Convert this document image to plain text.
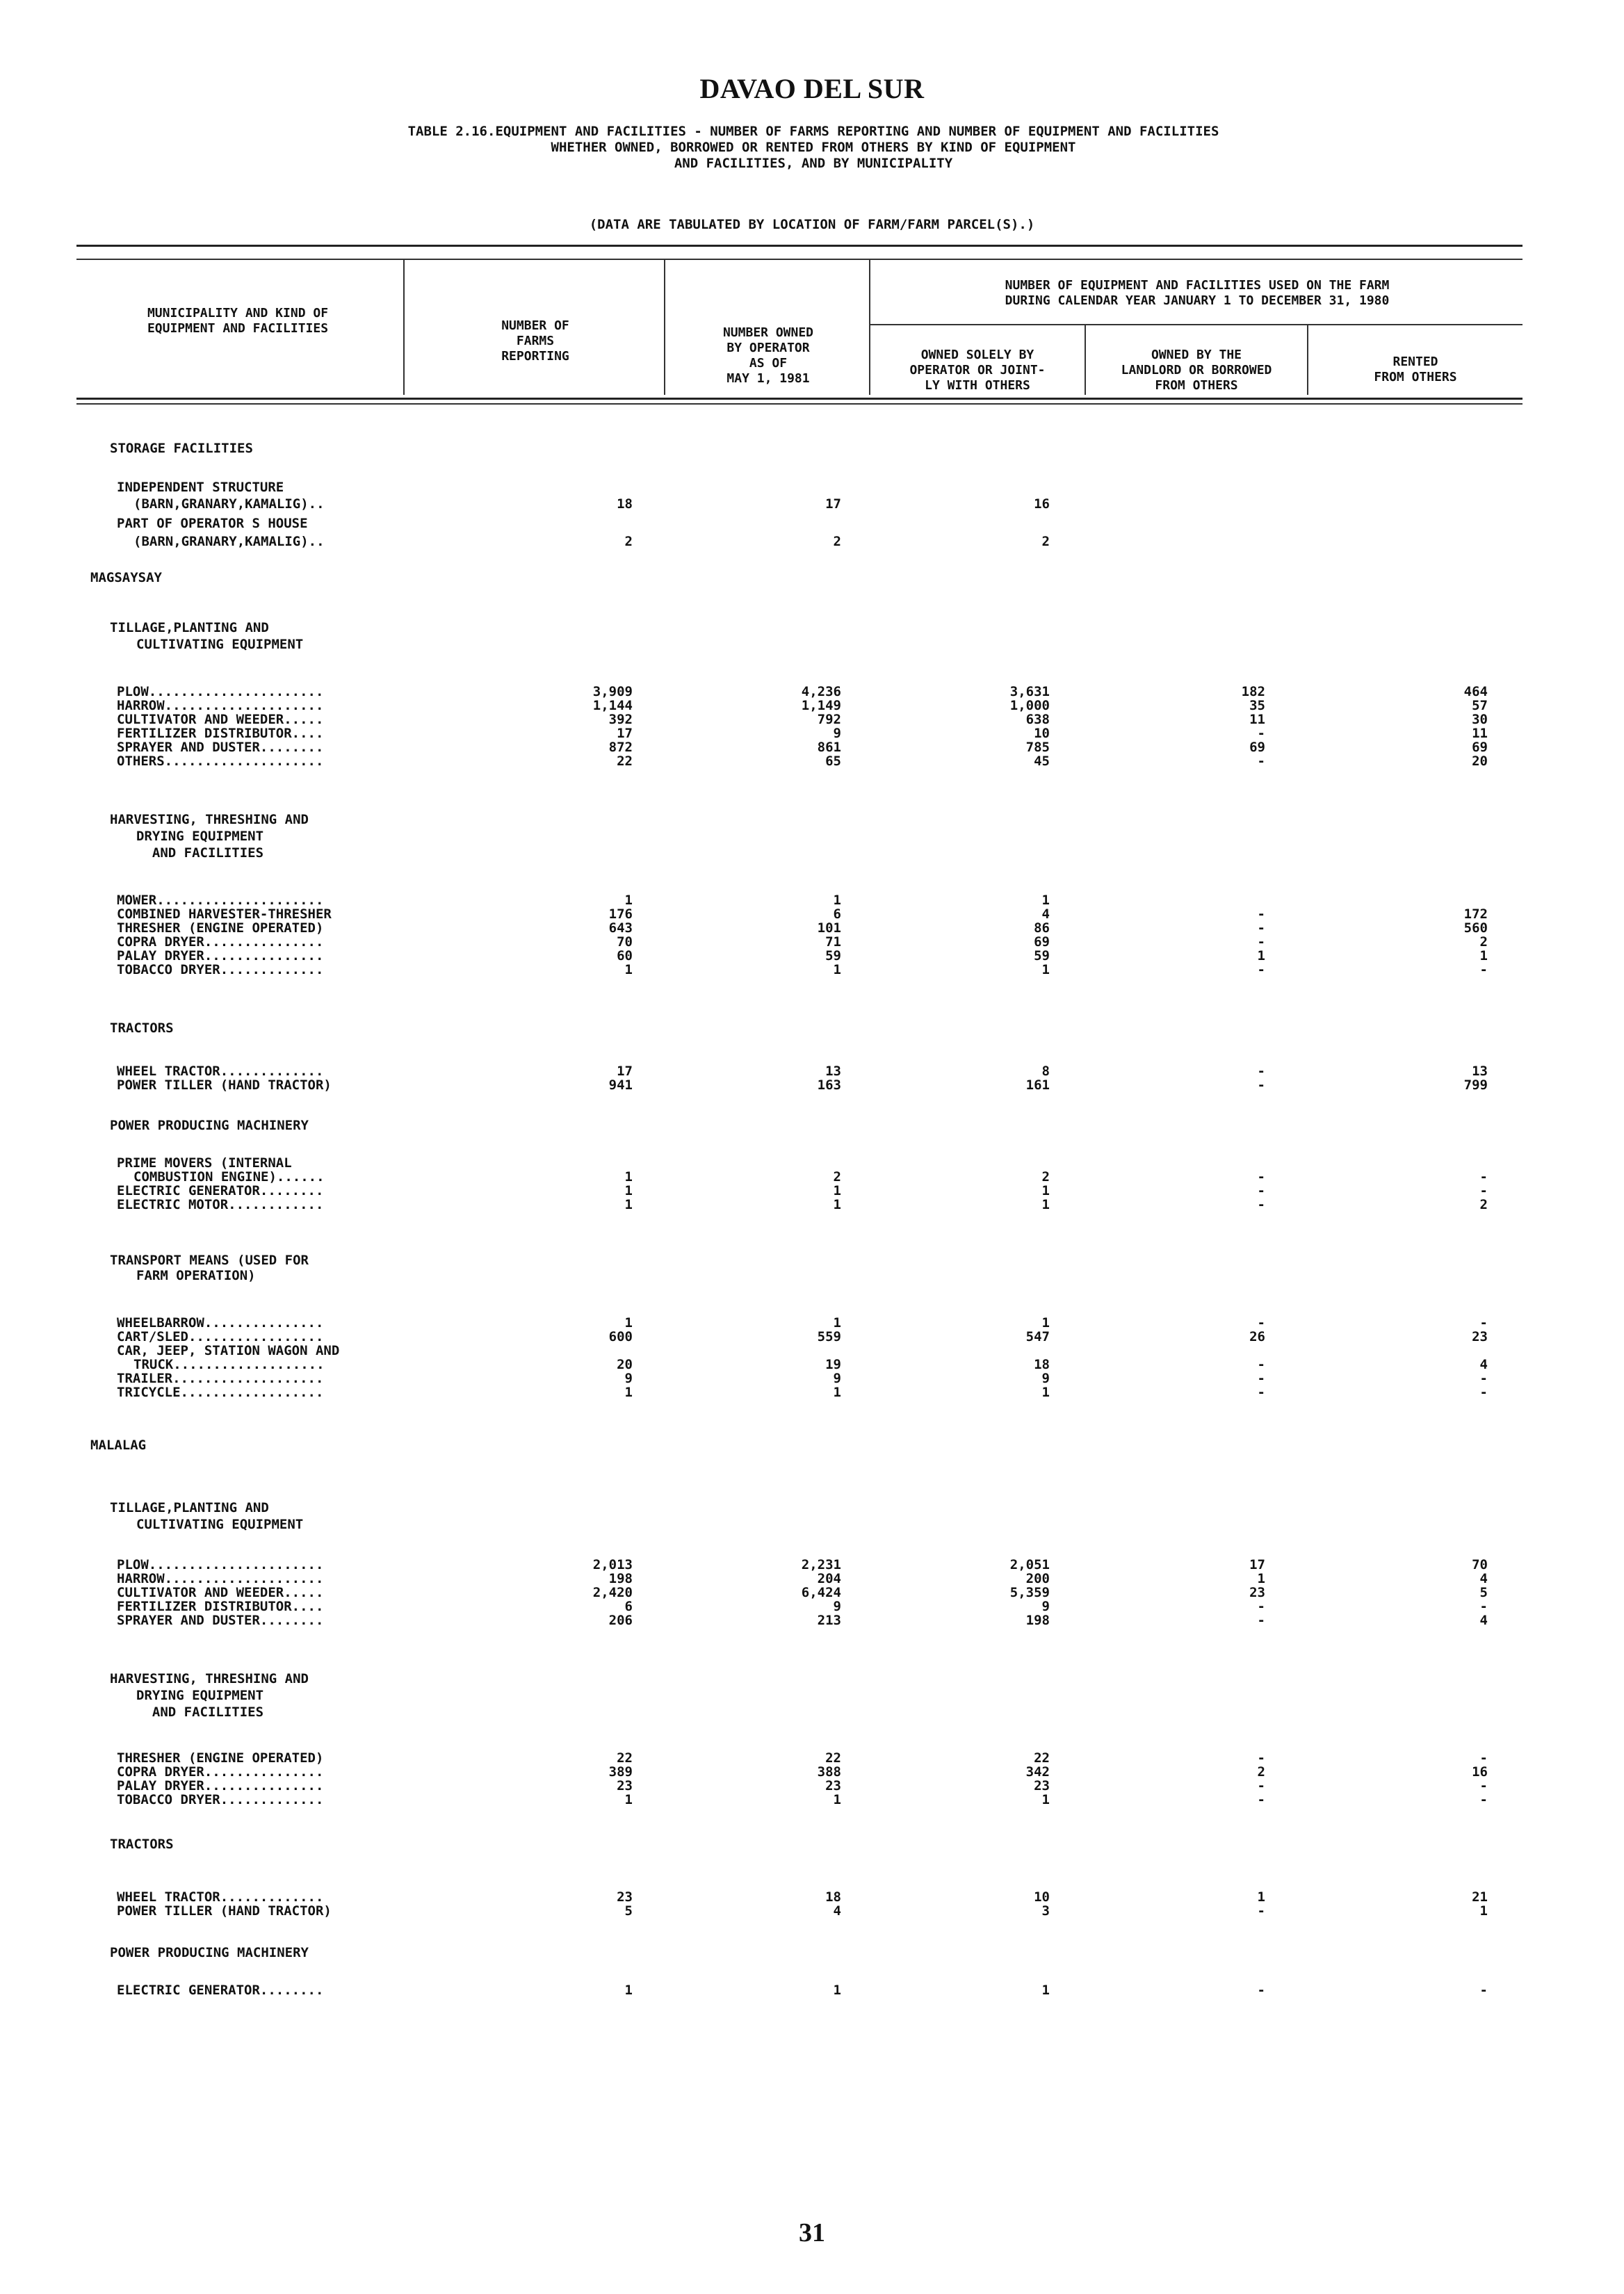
DAVAO DEL SUR
TABLE 2.16.EQUIPMENT AND FACILITIES - NUMBER OF FARMS REPORTING AND NUMBER OF EQUIPMENT AND FACILITIES
WHETHER OWNED, BORROWED OR RENTED FROM OTHERS BY KIND OF EQUIPMENT
AND FACILITIES, AND BY MUNICIPALITY
(DATA ARE TABULATED BY LOCATION OF FARM/FARM PARCEL(S).)
MUNICIPALITY AND KIND OF
EQUIPMENT AND FACILITIES	NUMBER OF
FARMS
REPORTING
NUMBER OWNED
BY OPERATOR
AS OF
MAY 1, 1981
NUMBER OF EQUIPMENT AND FACILITIES USED ON THE FARM
DURING CALENDAR YEAR JANUARY 1 TO DECEMBER 31, 1980
OWNED SOLELY BY
OPERATOR OR JOINT-
LY WITH OTHERS
OWNED BY THE
LANDLORD OR BORROWED
FROM OTHERS
RENTED
FROM OTHERS
STORAGE FACILITIES
INDEPENDENT STRUCTURE
(BARN,GRANARY,KAMALIG)..	18	17	16
PART OF OPERATOR S HOUSE
(BARN,GRANARY,KAMALIG)..	2	2	2
MAGSAYSAY
TILLAGE,PLANTING AND
CULTIVATING EQUIPMENT
PLOW......................	3,909	4,236	3,631	182	464
HARROW....................	1,144	1,149	1,000	35	57
CULTIVATOR AND WEEDER.....	392	792	638	11	30
FERTILIZER DISTRIBUTOR....	17	9	10	-	11
SPRAYER AND DUSTER........	872	861	785	69	69
OTHERS....................	22	65	45	-	20
HARVESTING, THRESHING AND
DRYING EQUIPMENT
AND FACILITIES
MOWER.....................	1	1	1
COMBINED HARVESTER-THRESHER	176	6	4	-	172
THRESHER (ENGINE OPERATED)	643	101	86	-	560
COPRA DRYER...............	70	71	69	-	2
PALAY DRYER...............	60	59	59	1	1
TOBACCO DRYER.............	1	1	1	-	-
TRACTORS
WHEEL TRACTOR.............	17	13	8	-	13
POWER TILLER (HAND TRACTOR)	941	163	161	-	799
POWER PRODUCING MACHINERY
PRIME MOVERS (INTERNAL
COMBUSTION ENGINE)......	1	2	2	-	-
ELECTRIC GENERATOR........	1	1	1	-	-
ELECTRIC MOTOR............	1	1	1	-	2
TRANSPORT MEANS (USED FOR
FARM OPERATION)
WHEELBARROW...............	1	1	1	-	-
CART/SLED.................	600	559	547	26	23
CAR, JEEP, STATION WAGON AND
TRUCK...................	20	19	18	-	4
TRAILER...................	9	9	9	-	-
TRICYCLE..................	1	1	1	-	-
MALALAG
TILLAGE,PLANTING AND
CULTIVATING EQUIPMENT
PLOW......................	2,013	2,231	2,051	17	70
HARROW....................	198	204	200	1	4
CULTIVATOR AND WEEDER.....	2,420	6,424	5,359	23	5
FERTILIZER DISTRIBUTOR....	6	9	9	-	-
SPRAYER AND DUSTER........	206	213	198	-	4
HARVESTING, THRESHING AND
DRYING EQUIPMENT
AND FACILITIES
THRESHER (ENGINE OPERATED)	22	22	22	-	-
COPRA DRYER...............	389	388	342	2	16
PALAY DRYER...............	23	23	23	-	-
TOBACCO DRYER.............	1	1	1	-	-
TRACTORS
WHEEL TRACTOR.............	23	18	10	1	21
POWER TILLER (HAND TRACTOR)	5	4	3	-	1
POWER PRODUCING MACHINERY
ELECTRIC GENERATOR........	1	1	1	-	-
31
